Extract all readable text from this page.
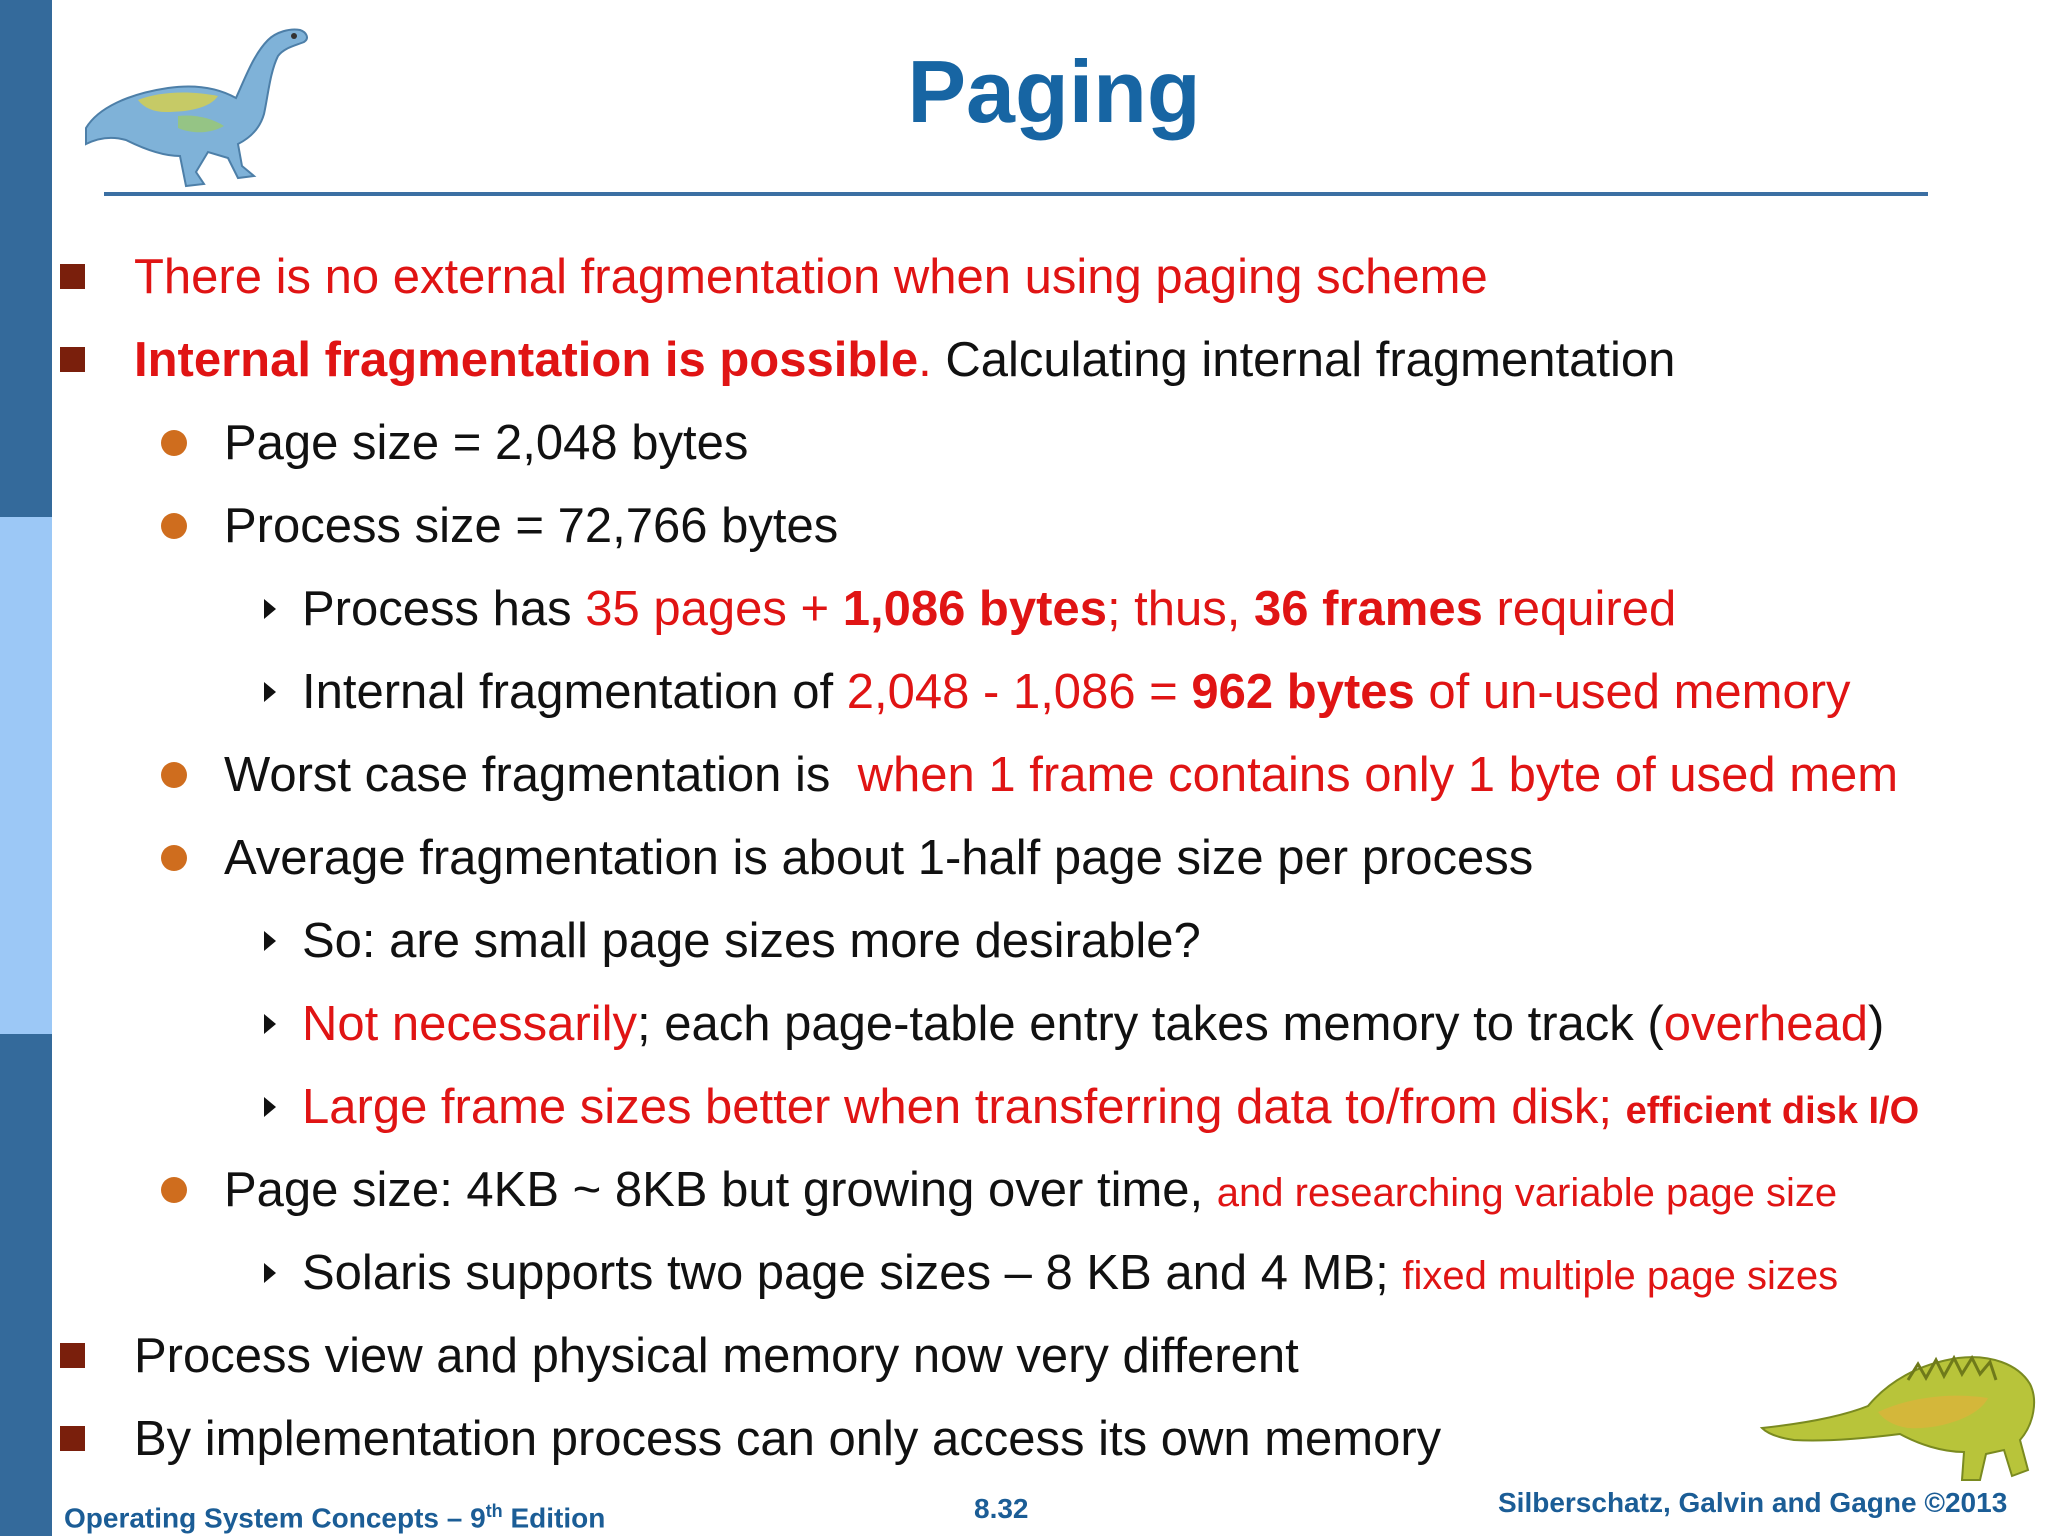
Paging
There is no external fragmentation when using paging scheme
Internal fragmentation is possible. Calculating internal fragmentation
Page size = 2,048 bytes
Process size = 72,766 bytes
Process has 35 pages + 1,086 bytes; thus, 36 frames required
Internal fragmentation of 2,048 - 1,086 = 962 bytes of un-used memory
Worst case fragmentation is  when 1 frame contains only 1 byte of used mem
Average fragmentation is about 1-half page size per process
So: are small page sizes more desirable?
Not necessarily; each page-table entry takes memory to track (overhead)
Large frame sizes better when transferring data to/from disk; efficient disk I/O
Page size: 4KB ~ 8KB but growing over time, and researching variable page size
Solaris supports two page sizes – 8 KB and 4 MB; fixed multiple page sizes
Process view and physical memory now very different
By implementation process can only access its own memory
Operating System Concepts – 9th Edition	8.32	Silberschatz, Galvin and Gagne ©2013
